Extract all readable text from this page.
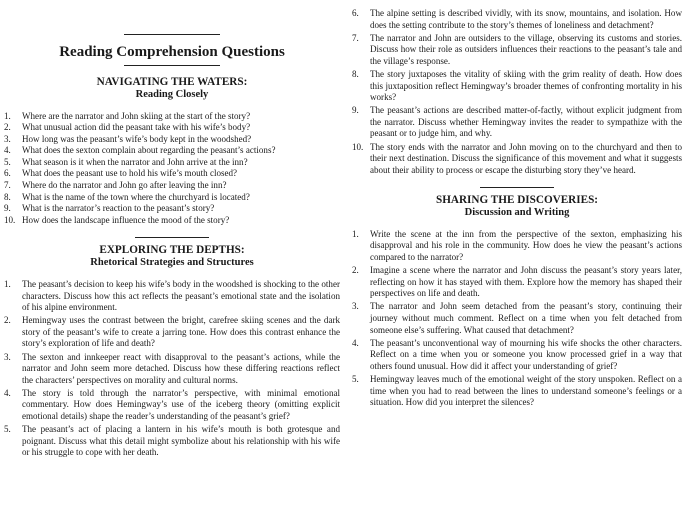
Reading Comprehension Questions
NAVIGATING THE WATERS:
Reading Closely
1. Where are the narrator and John skiing at the start of the story?
2. What unusual action did the peasant take with his wife’s body?
3. How long was the peasant’s wife’s body kept in the woodshed?
4. What does the sexton complain about regarding the peasant’s actions?
5. What season is it when the narrator and John arrive at the inn?
6. What does the peasant use to hold his wife’s mouth closed?
7. Where do the narrator and John go after leaving the inn?
8. What is the name of the town where the churchyard is located?
9. What is the narrator’s reaction to the peasant’s story?
10. How does the landscape influence the mood of the story?
EXPLORING THE DEPTHS:
Rhetorical Strategies and Structures
1. The peasant’s decision to keep his wife’s body in the woodshed is shocking to the other characters. Discuss how this act reflects the peasant’s emotional state and the isolation of his alpine environment.
2. Hemingway uses the contrast between the bright, carefree skiing scenes and the dark story of the peasant’s wife to create a jarring tone. How does this contrast enhance the story’s exploration of life and death?
3. The sexton and innkeeper react with disapproval to the peasant’s actions, while the narrator and John seem more detached. Discuss how these differing reactions reflect the characters’ perspectives on morality and cultural norms.
4. The story is told through the narrator’s perspective, with minimal emotional commentary. How does Hemingway’s use of the iceberg theory (omitting explicit emotional details) shape the reader’s understanding of the peasant’s grief?
5. The peasant’s act of placing a lantern in his wife’s mouth is both grotesque and poignant. Discuss what this detail might symbolize about his relationship with his wife or his struggle to cope with her death.
6. The alpine setting is described vividly, with its snow, mountains, and isolation. How does the setting contribute to the story’s themes of loneliness and detachment?
7. The narrator and John are outsiders to the village, observing its customs and stories. Discuss how their role as outsiders influences their reactions to the peasant’s tale and the village’s response.
8. The story juxtaposes the vitality of skiing with the grim reality of death. How does this juxtaposition reflect Hemingway’s broader themes of confronting mortality in his works?
9. The peasant’s actions are described matter-of-factly, without explicit judgment from the narrator. Discuss whether Hemingway invites the reader to sympathize with the peasant or to judge him, and why.
10. The story ends with the narrator and John moving on to the churchyard and then to their next destination. Discuss the significance of this movement and what it suggests about their ability to process or escape the disturbing story they’ve heard.
SHARING THE DISCOVERIES:
Discussion and Writing
1. Write the scene at the inn from the perspective of the sexton, emphasizing his disapproval and his role in the community. How does he view the peasant’s actions compared to the narrator?
2. Imagine a scene where the narrator and John discuss the peasant’s story years later, reflecting on how it has stayed with them. Explore how the memory has shaped their perspectives on life and death.
3. The narrator and John seem detached from the peasant’s story, continuing their journey without much comment. Reflect on a time when you felt detached from someone else’s suffering. What caused that detachment?
4. The peasant’s unconventional way of mourning his wife shocks the other characters. Reflect on a time when you or someone you know processed grief in a way that others found unusual. How did it affect your understanding of grief?
5. Hemingway leaves much of the emotional weight of the story unspoken. Reflect on a time when you had to read between the lines to understand someone’s feelings or a situation. How did you interpret the silences?
